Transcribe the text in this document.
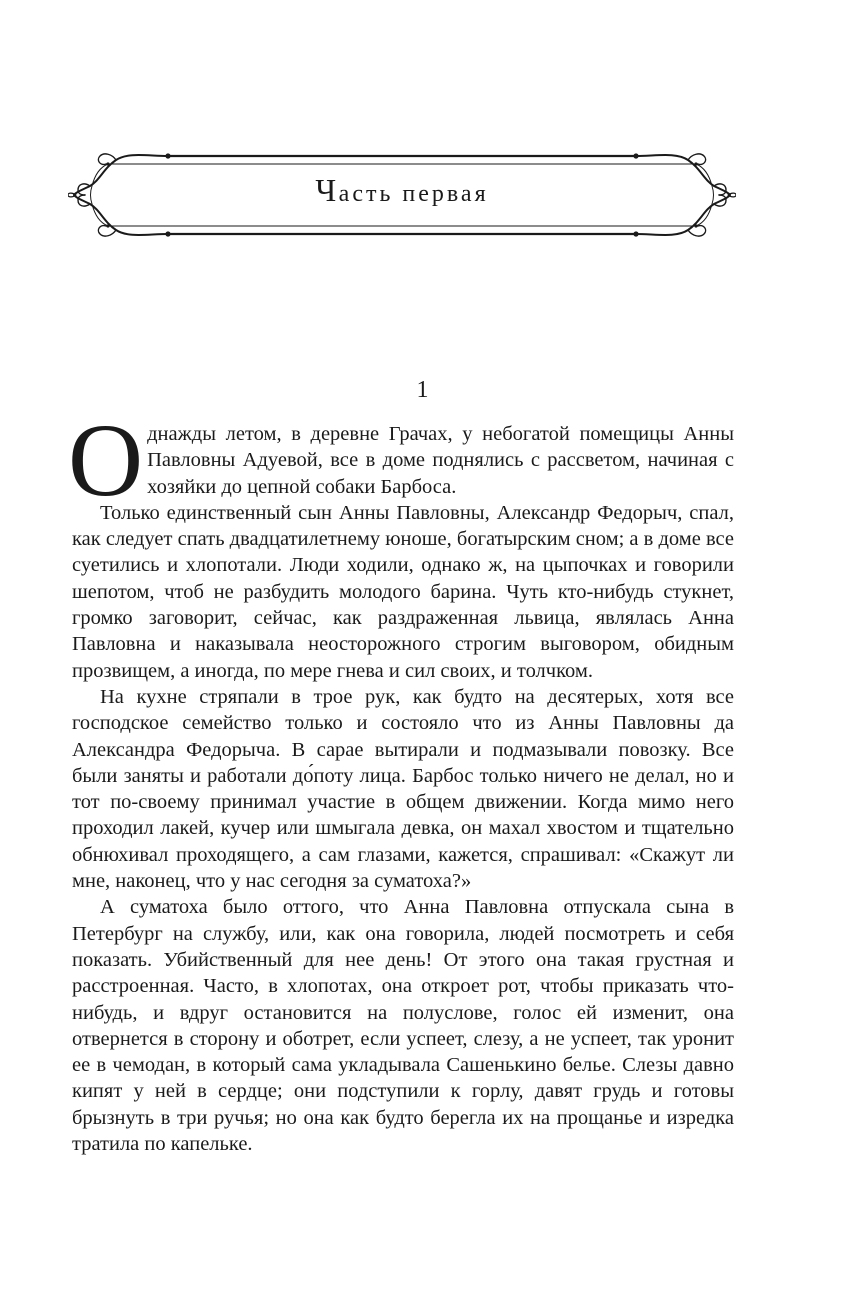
Часть первая
1

Однажды летом, в деревне Грачах, у небогатой помещицы Анны Павловны Адуевой, все в доме поднялись с рассветом, начиная с хозяйки до цепной собаки Барбоса.

Только единственный сын Анны Павловны, Александр Федорыч, спал, как следует спать двадцатилетнему юноше, богатырским сном; а в доме все суетились и хлопотали. Люди ходили, однако ж, на цыпочках и говорили шепотом, чтоб не разбудить молодого барина. Чуть кто-нибудь стукнет, громко заговорит, сейчас, как раздраженная львица, являлась Анна Павловна и наказывала неосторожного строгим выговором, обидным прозвищем, а иногда, по мере гнева и сил своих, и толчком.

На кухне стряпали в трое рук, как будто на десятерых, хотя все господское семейство только и состояло что из Анны Павловны да Александра Федорыча. В сарае вытирали и подмазывали повозку. Все были заняты и работали до́поту лица. Барбос только ничего не делал, но и тот по-своему принимал участие в общем движении. Когда мимо него проходил лакей, кучер или шмыгала девка, он махал хвостом и тщательно обнюхивал проходящего, а сам глазами, кажется, спрашивал: «Скажут ли мне, наконец, что у нас сегодня за суматоха?»

А суматоха было оттого, что Анна Павловна отпускала сына в Петербург на службу, или, как она говорила, людей посмотреть и себя показать. Убийственный для нее день! От этого она такая грустная и расстроенная. Часто, в хлопотах, она откроет рот, чтобы приказать что-нибудь, и вдруг остановится на полуслове, голос ей изменит, она отвернется в сторону и оботрет, если успеет, слезу, а не успеет, так уронит ее в чемодан, в который сама укладывала Сашенькино белье. Слезы давно кипят у ней в сердце; они подступили к горлу, давят грудь и готовы брызнуть в три ручья; но она как будто берегла их на прощанье и изредка тратила по капельке.
